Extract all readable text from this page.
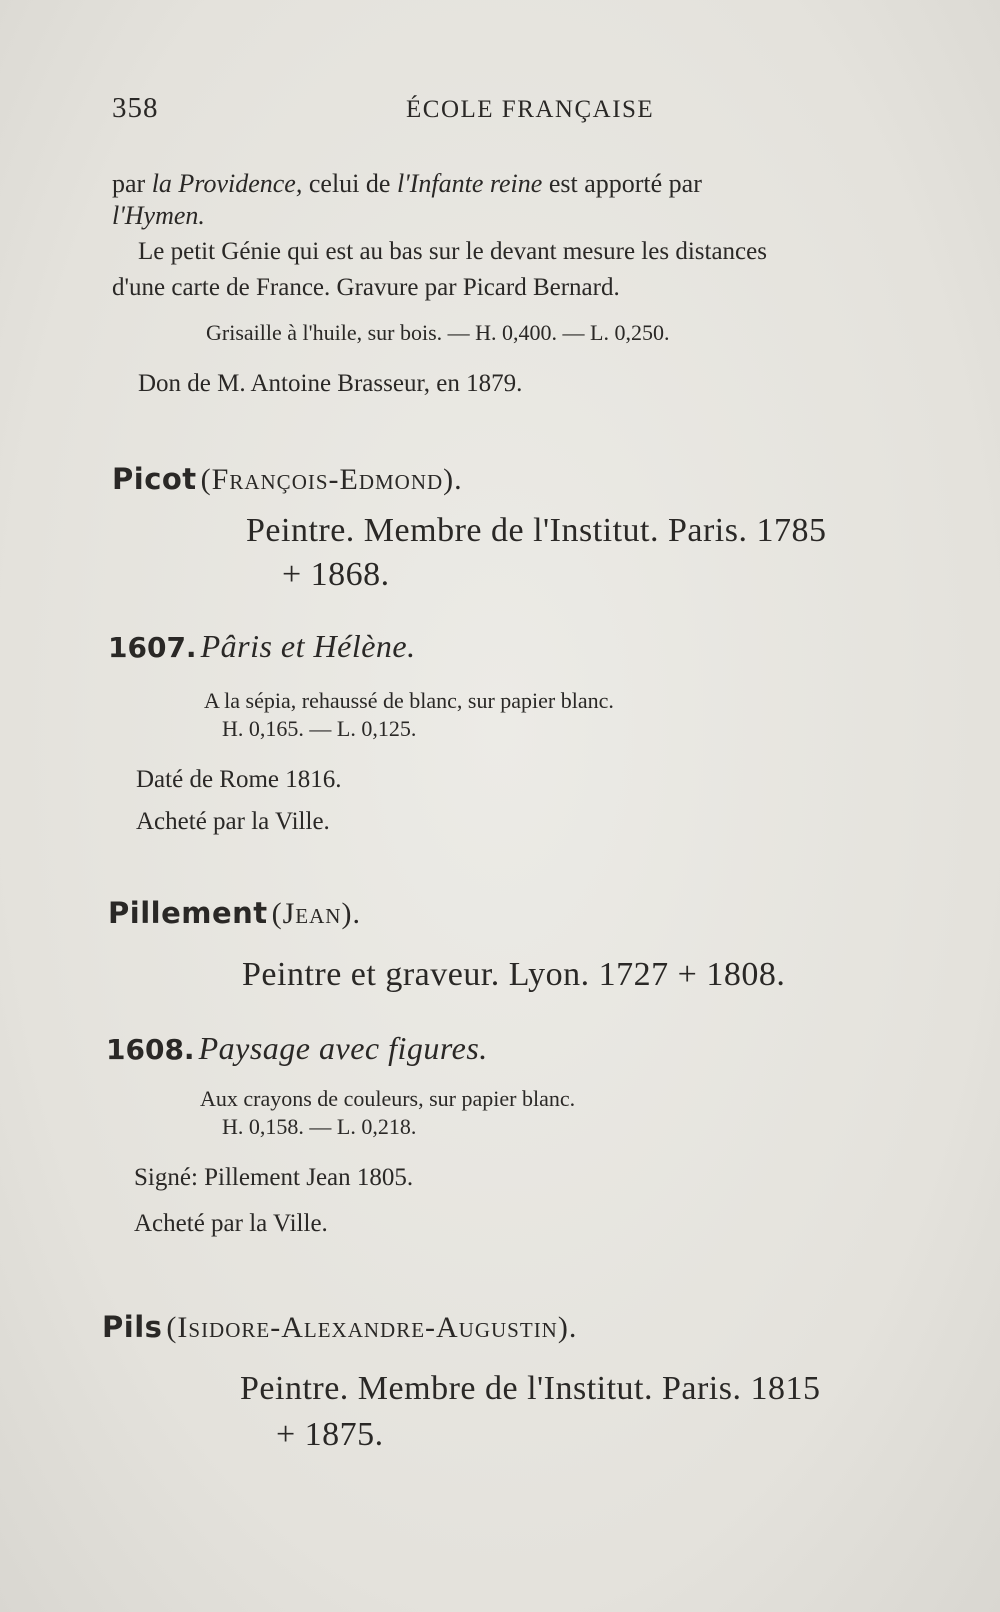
358	ÉCOLE FRANÇAISE
par la Providence, celui de l'Infante reine est apporté par
l'Hymen.
Le petit Génie qui est au bas sur le devant mesure les distances
d'une carte de France. Gravure par Picard Bernard.
Grisaille à l'huile, sur bois. — H. 0,400. — L. 0,250.
Don de M. Antoine Brasseur, en 1879.
Picot (François-Edmond).
Peintre. Membre de l'Institut. Paris. 1785
+ 1868.
1607. Pâris et Hélène.
A la sépia, rehaussé de blanc, sur papier blanc.
H. 0,165. — L. 0,125.
Daté de Rome 1816.
Acheté par la Ville.
Pillement (Jean).
Peintre et graveur. Lyon. 1727 + 1808.
1608. Paysage avec figures.
Aux crayons de couleurs, sur papier blanc.
H. 0,158. — L. 0,218.
Signé: Pillement Jean 1805.
Acheté par la Ville.
Pils (Isidore-Alexandre-Augustin).
Peintre. Membre de l'Institut. Paris. 1815
+ 1875.
